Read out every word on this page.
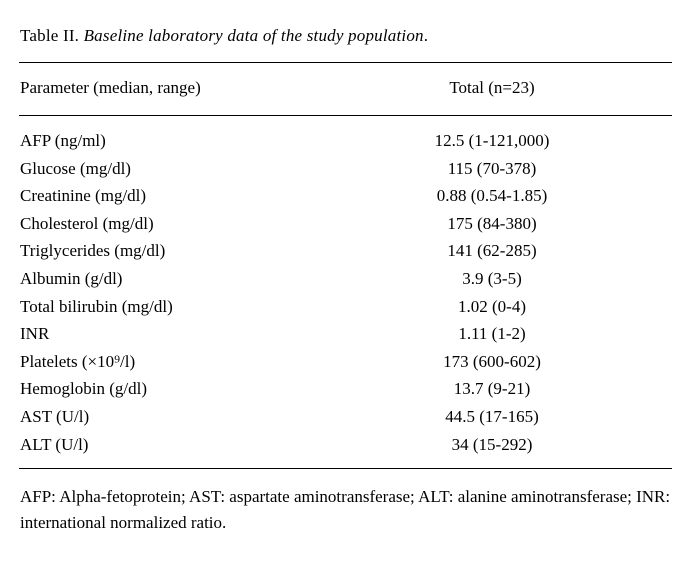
Table II. Baseline laboratory data of the study population.
Parameter (median, range)	Total (n=23)
AFP (ng/ml)	12.5 (1-121,000)
Glucose (mg/dl)	115 (70-378)
Creatinine (mg/dl)	0.88 (0.54-1.85)
Cholesterol (mg/dl)	175 (84-380)
Triglycerides (mg/dl)	141 (62-285)
Albumin (g/dl)	3.9 (3-5)
Total bilirubin (mg/dl)	1.02 (0-4)
INR	1.11 (1-2)
Platelets (×10⁹/l)	173 (600-602)
Hemoglobin (g/dl)	13.7 (9-21)
AST (U/l)	44.5 (17-165)
ALT (U/l)	34 (15-292)
AFP: Alpha-fetoprotein; AST: aspartate aminotransferase; ALT: alanine aminotransferase; INR: international normalized ratio.
